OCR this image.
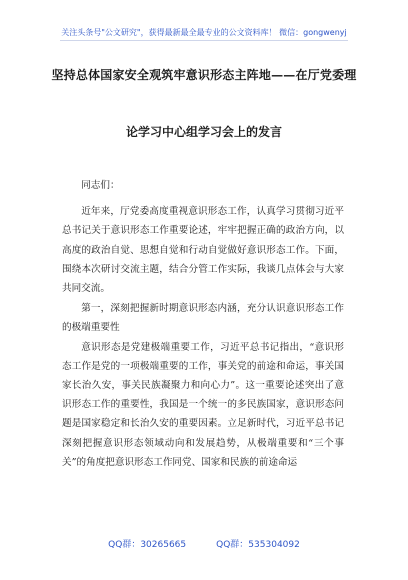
关注头条号"公文研究"，获得最新最全最专业的公文资料库！ 微信：gongwenyj
坚持总体国家安全观筑牢意识形态主阵地——在厅党委理
论学习中心组学习会上的发言

同志们：

近年来，厅党委高度重视意识形态工作，认真学习贯彻习近平总书记关于意识形态工作重要论述，牢牢把握正确的政治方向，以高度的政治自觉、思想自觉和行动自觉做好意识形态工作。下面，围绕本次研讨交流主题，结合分管工作实际，我谈几点体会与大家共同交流。

第一，深刻把握新时期意识形态内涵，充分认识意识形态工作的极端重要性

意识形态是党建极端重要工作，习近平总书记指出，“意识形态工作是党的一项极端重要的工作，事关党的前途和命运，事关国家长治久安，事关民族凝聚力和向心力”。这一重要论述突出了意识形态工作的重要性，我国是一个统一的多民族国家，意识形态问题是国家稳定和长治久安的重要因素。立足新时代，习近平总书记深刻把握意识形态领域动向和发展趋势，从极端重要和“三个事关”的角度把意识形态工作同党、国家和民族的前途命运

QQ群：30265665	QQ群：535304092
